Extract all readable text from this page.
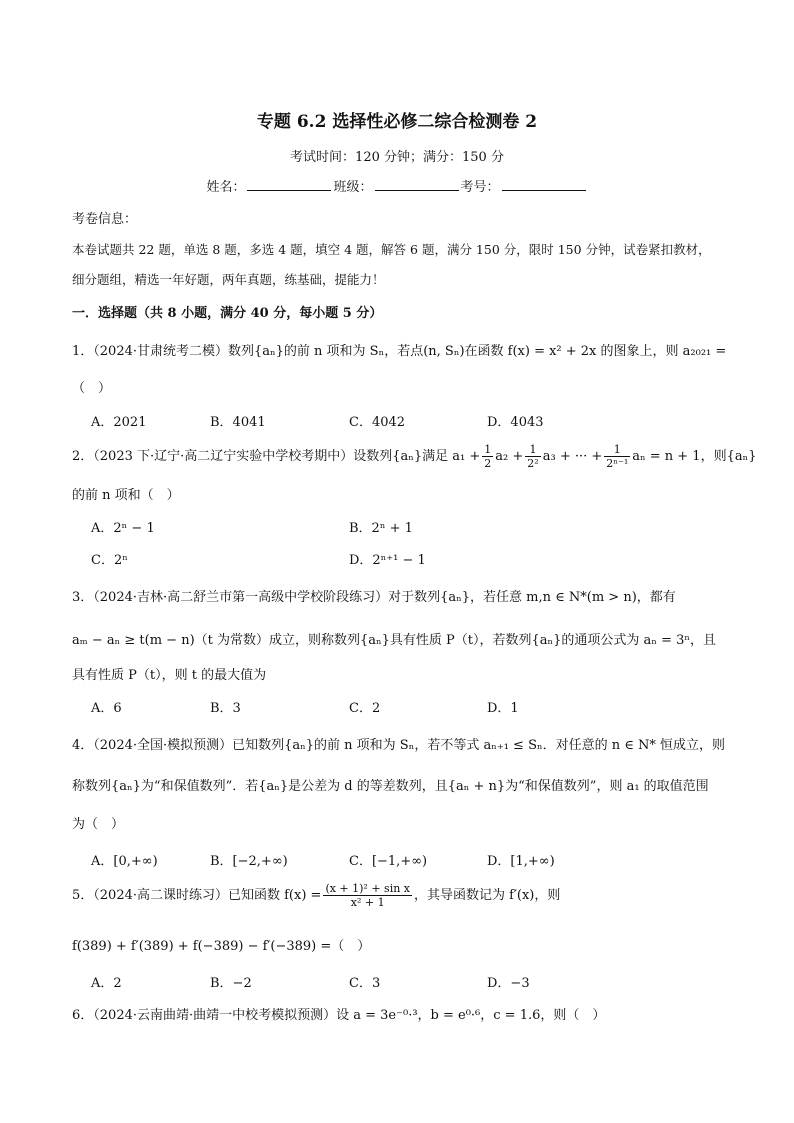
专题 6.2 选择性必修二综合检测卷 2
考试时间：120 分钟；满分：150 分
姓名：	班级：	考号：
考卷信息：
本卷试题共 22 题，单选 8 题，多选 4 题，填空 4 题，解答 6 题，满分 150 分，限时 150 分钟，试卷紧扣教材，
细分题组，精选一年好题，两年真题，练基础，提能力！
一．选择题（共 8 小题，满分 40 分，每小题 5 分）
1．（2024·甘肃统考二模）数列{aₙ}的前 n 项和为 Sₙ，若点(n, Sₙ)在函数 f(x) = x² + 2x 的图象上，则 a₂₀₂₁ =
（　）
A．2021	B．4041	C．4042	D．4043
2．（2023 下·辽宁·高二辽宁实验中学校考期中）设数列{aₙ}满足 $a_1 + \frac{1}{2} a_2 + \frac{1}{\text{2²}} a_3$ + ··· + $\frac{1}{\text{2ⁿ⁻¹}}$ aₙ = n + 1，则{aₙ}
的前 n 项和（　）
A．2ⁿ − 1	B．2ⁿ + 1
C．2ⁿ	D．2ⁿ⁺¹ − 1
3．（2024·吉林·高二舒兰市第一高级中学校阶段练习）对于数列{aₙ}，若任意 m,n ∈ N*(m > n)，都有
aₘ − aₙ ≥ t(m − n)（t 为常数）成立，则称数列{aₙ}具有性质 P（t），若数列{aₙ}的通项公式为 aₙ = 3ⁿ，且
具有性质 P（t），则 t 的最大值为
A．6	B．3	C．2	D．1
4．（2024·全国·模拟预测）已知数列{aₙ}的前 n 项和为 Sₙ，若不等式 aₙ₊₁ ≤ Sₙ．对任意的 n ∈ N* 恒成立，则
称数列{aₙ}为“和保值数列”．若{aₙ}是公差为 d 的等差数列，且{aₙ + n}为“和保值数列”，则 a₁ 的取值范围
为（　）
A．[0,+∞)	B．[−2,+∞)	C．[−1,+∞)	D．[1,+∞)
5．（2024·高二课时练习）已知函数 $f(x) = \frac{\text{(x + 1)² + sin x}}{\text{x² + 1}}$ ，其导函数记为 f′(x)，则
f(389) + f′(389) + f(−389) − f′(−389) =（　）
A．2	B．−2	C．3	D．−3
6．（2024·云南曲靖·曲靖一中校考模拟预测）设 a = 3e⁻⁰·³，b = e⁰·⁶，c = 1.6，则（　）
